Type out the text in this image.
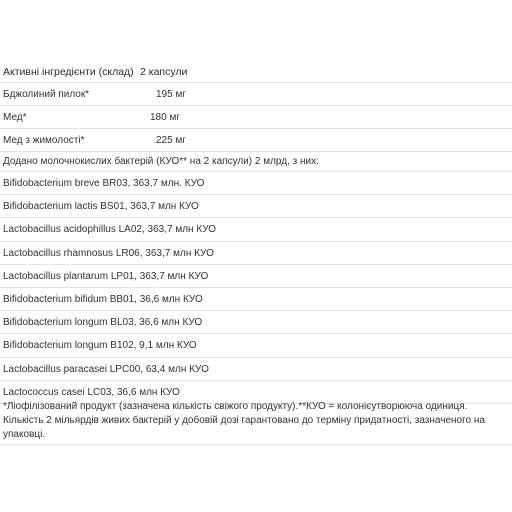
Активні інгредієнти (склад) 2 капсули
Бджолиний пилок*	195 мг
Мед*	180 мг
Мед з жимолості*	225 мг
Додано молочнокислих бактерій (КУО** на 2 капсули) 2 млрд, з них:
Bifidobacterium breve BR03, 363,7 млн. КУО
Bifidobacterium lactis BS01, 363,7 млн КУО
Lactobacillus acidophillus LA02, 363,7 млн КУО
Lactobacillus rhamnosus LR06, 363,7 млн КУО
Lactobacillus plantarum LP01, 363,7 млн КУО
Bifidobacterium bifidum BB01, 36,6 млн КУО
Bifidobacterium longum BL03, 36,6 млн КУО
Bifidobacterium longum B102, 9,1 млн КУО
Lactobacillus paracasei LPC00, 63,4 млн КУО
Lactococcus casei LC03, 36,6 млн КУО
*Ліофілізований продукт (зазначена кількість свіжого продукту).**КУО = колонієутворююча одиниця.
Кількість 2 мільярдів живих бактерій у добовій дозі гарантовано до терміну придатності, зазначеного на
упаковці.
